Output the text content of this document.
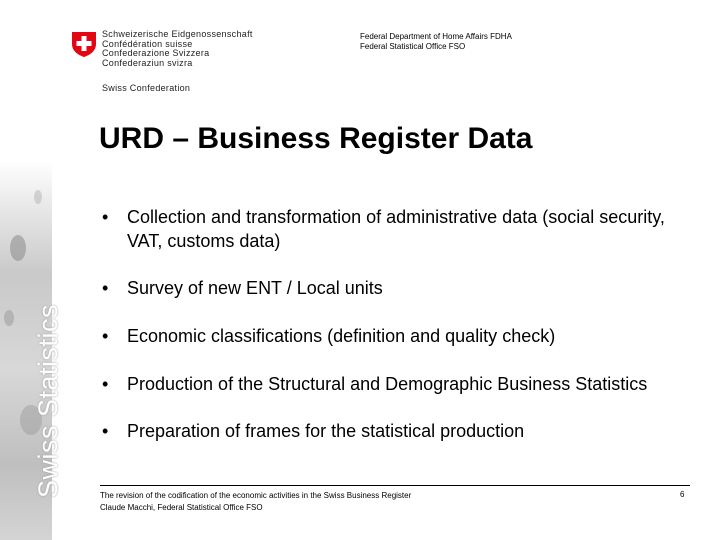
Swiss Statistics
Schweizerische Eidgenossenschaft
Confédération suisse
Confederazione Svizzera
Confederaziun svizra
Swiss Confederation
Federal Department of Home Affairs FDHA
Federal Statistical Office FSO
URD – Business Register Data
• Collection and transformation of administrative data (social security, VAT, customs data)
• Survey of new ENT / Local units
• Economic classifications (definition and quality check)
• Production of the Structural and Demographic Business Statistics
• Preparation of frames for the statistical production
The revision of the codification of the economic activities in the Swiss Business Register
Claude Macchi, Federal Statistical Office FSO
6
